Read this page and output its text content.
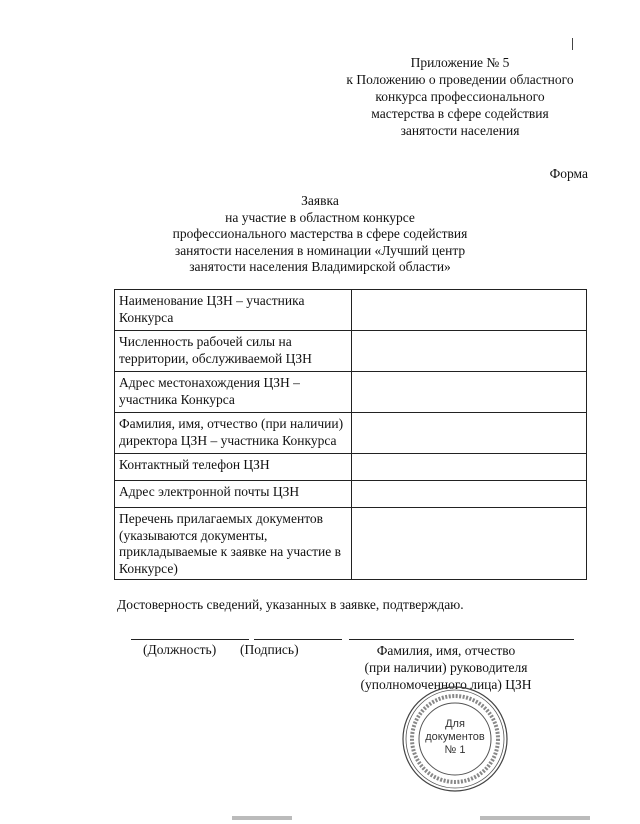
Приложение № 5
к Положению о проведении областного
конкурса профессионального
мастерства в сфере содействия
занятости населения
Форма
Заявка
на участие в областном конкурсе
профессионального мастерства в сфере содействия
занятости населения в номинации «Лучший центр
занятости населения Владимирской области»
Наименование ЦЗН – участника Конкурса	
Численность рабочей силы на территории, обслуживаемой ЦЗН	
Адрес местонахождения ЦЗН – участника Конкурса	
Фамилия, имя, отчество (при наличии) директора ЦЗН – участника Конкурса	
Контактный телефон ЦЗН	
Адрес электронной почты ЦЗН	
Перечень прилагаемых документов (указываются документы, прикладываемые к заявке на участие в Конкурсе)	
Достоверность сведений, указанных в заявке, подтверждаю.
(Должность) (Подпись)	Фамилия, имя, отчество
(при наличии) руководителя
(уполномоченного лица) ЦЗН
Для
документов
№ 1
